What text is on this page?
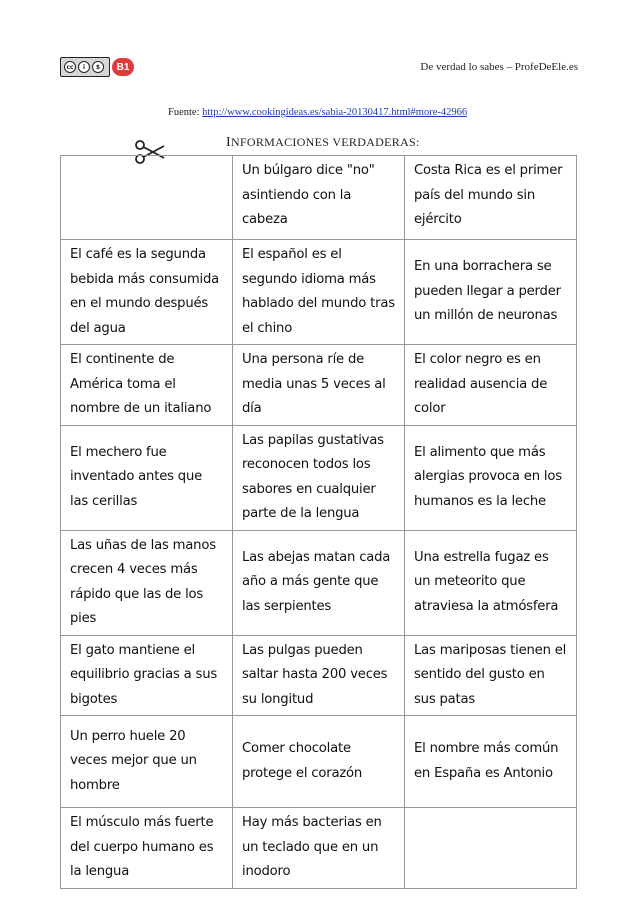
cc	i	$	B1	De verdad lo sabes – ProfeDeEle.es
Fuente: http://www.cookingideas.es/sabia-20130417.html#more-42966
INFORMACIONES VERDADERAS:
	Un búlgaro dice "no" asintiendo con la cabeza	Costa Rica es el primer país del mundo sin ejército
El café es la segunda bebida más consumida en el mundo después del agua	El español es el segundo idioma más hablado del mundo tras el chino	En una borrachera se pueden llegar a perder un millón de neuronas
El continente de América toma el nombre de un italiano	Una persona ríe de media unas 5 veces al día	El color negro es en realidad ausencia de color
El mechero fue inventado antes que las cerillas	Las papilas gustativas reconocen todos los sabores en cualquier parte de la lengua	El alimento que más alergias provoca en los humanos es la leche
Las uñas de las manos crecen 4 veces más rápido que las de los pies	Las abejas matan cada año a más gente que las serpientes	Una estrella fugaz es un meteorito que atraviesa la atmósfera
El gato mantiene el equilibrio gracias a sus bigotes	Las pulgas pueden saltar hasta 200 veces su longitud	Las mariposas tienen el sentido del gusto en sus patas
Un perro huele 20 veces mejor que un hombre	Comer chocolate protege el corazón	El nombre más común en España es Antonio
El músculo más fuerte del cuerpo humano es la lengua	Hay más bacterias en un teclado que en un inodoro	
